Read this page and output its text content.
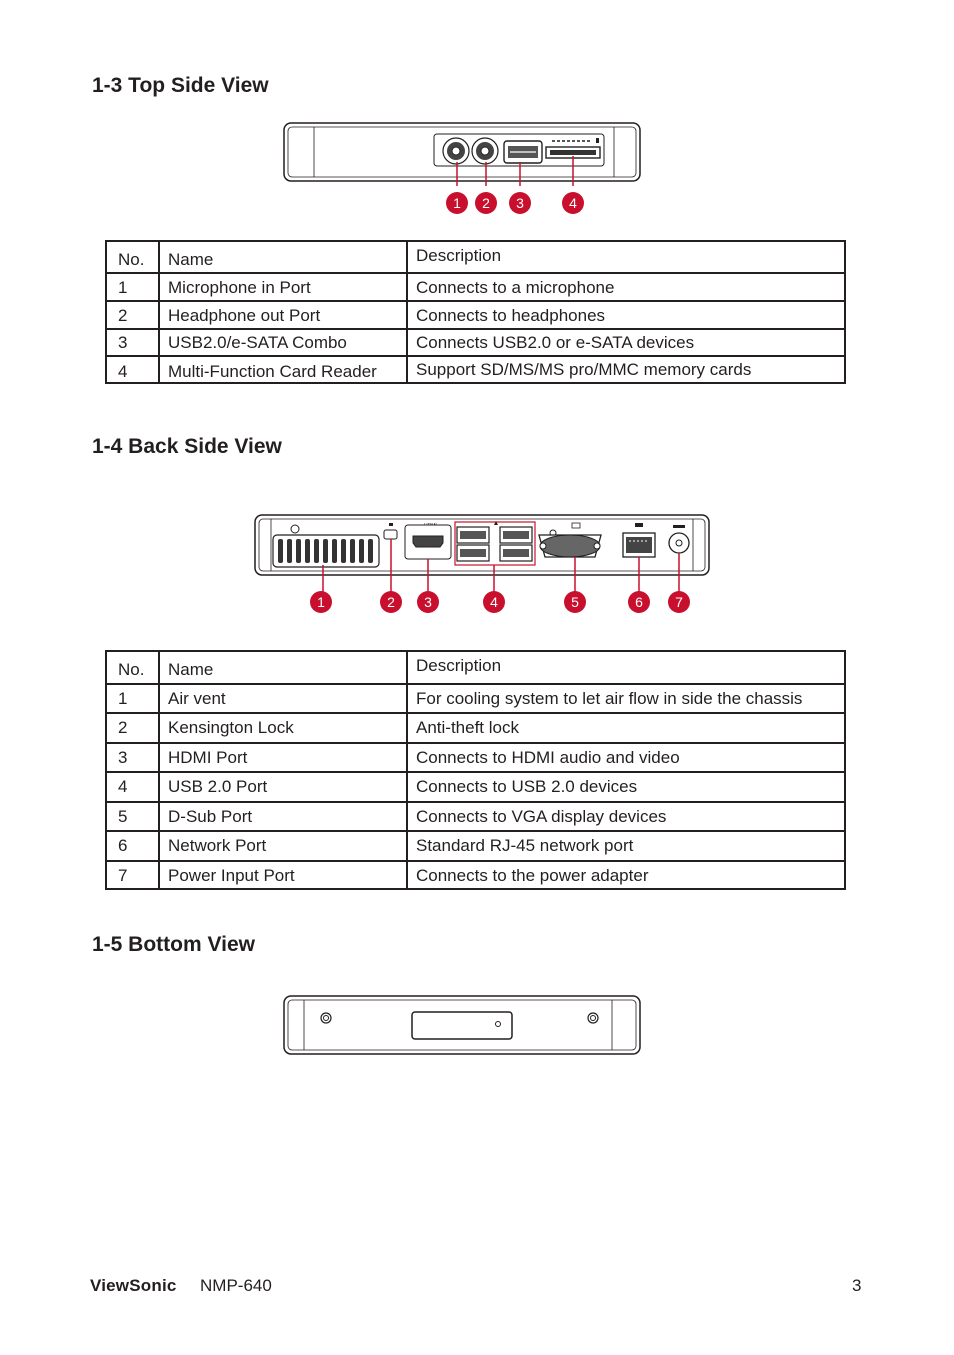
1-3 Top Side View
1	2	3	4
No.	Name	Description
1	Microphone in Port	Connects to a microphone
2	Headphone out Port	Connects to headphones
3	USB2.0/e-SATA Combo	Connects USB2.0 or e-SATA devices
4	Multi-Function Card Reader	Support SD/MS/MS pro/MMC memory cards
1-4 Back Side View
1	2	3	4	5	6	7
No.	Name	Description
1	Air vent	For cooling system to let air flow in side the chassis
2	Kensington Lock	Anti-theft lock
3	HDMI Port	Connects to HDMI audio and video
4	USB 2.0 Port	Connects to USB 2.0 devices
5	D-Sub Port	Connects to VGA display devices
6	Network Port	Standard RJ-45 network port
7	Power Input Port	Connects to the power adapter
1-5 Bottom View
ViewSonic NMP-640	3
